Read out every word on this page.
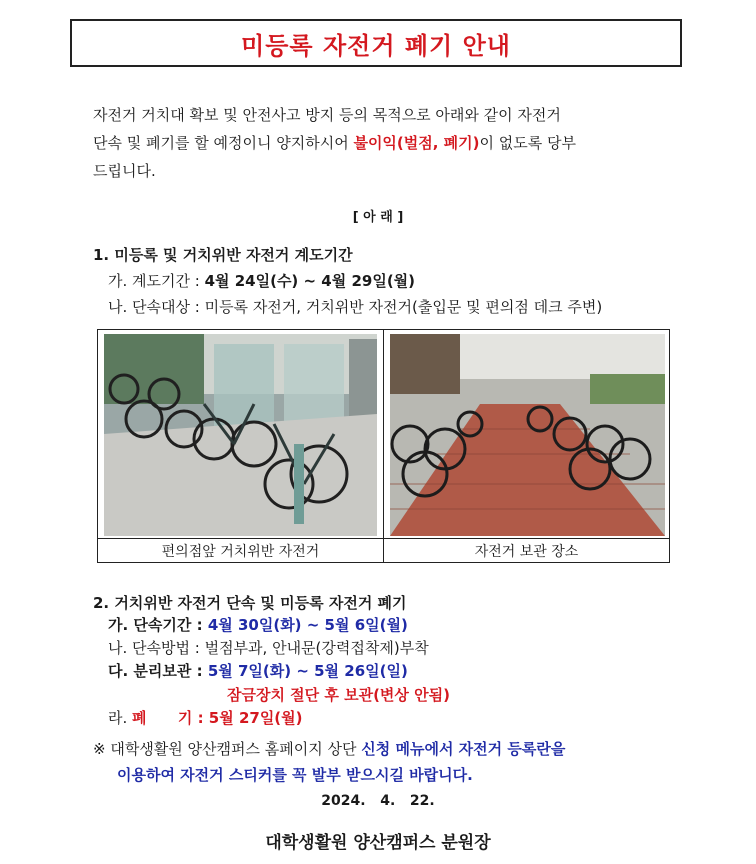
미등록 자전거 폐기 안내
자전거 거치대 확보 및 안전사고 방지 등의 목적으로 아래와 같이 자전거
단속 및 폐기를 할 예정이니 양지하시어 불이익(벌점, 폐기)이 없도록 당부
드립니다.
[ 아 래 ]
1. 미등록 및 거치위반 자전거 계도기간
가. 계도기간 : 4월 24일(수) ~ 4월 29일(월)
나. 단속대상 : 미등록 자전거, 거치위반 자전거(출입문 및 편의점 데크 주변)
편의점앞 거치위반 자전거	자전거 보관 장소
2. 거치위반 자전거 단속 및 미등록 자전거 폐기
가. 단속기간 : 4월 30일(화) ~ 5월 6일(월)
나. 단속방법 : 벌점부과, 안내문(강력접착제)부착
다. 분리보관 : 5월 7일(화) ~ 5월 26일(일)
잠금장치 절단 후 보관(변상 안됨)
라. 폐      기 : 5월 27일(월)
※ 대학생활원 양산캠퍼스 홈페이지 상단 신청 메뉴에서 자전거 등록란을
이용하여 자전거 스티커를 꼭 발부 받으시길 바랍니다.
2024.   4.   22.
대학생활원 양산캠퍼스 분원장
